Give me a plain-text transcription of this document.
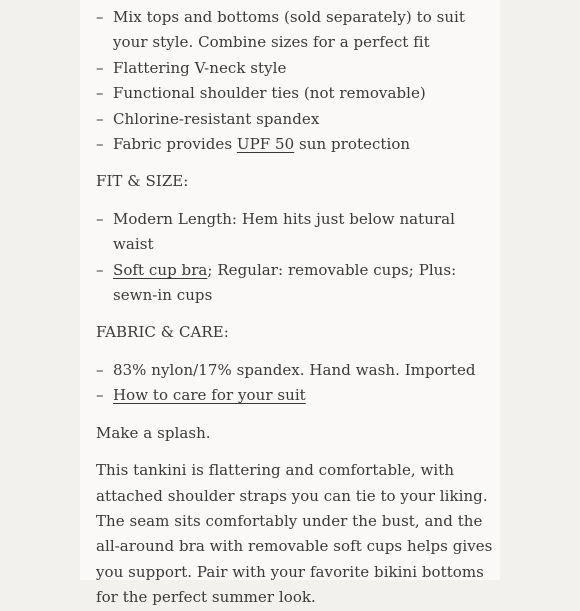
– Mix tops and bottoms (sold separately) to suit your style. Combine sizes for a perfect fit
– Flattering V-neck style
– Functional shoulder ties (not removable)
– Chlorine-resistant spandex
– Fabric provides UPF 50 sun protection

FIT & SIZE:

– Modern Length: Hem hits just below natural waist
– Soft cup bra; Regular: removable cups; Plus: sewn-in cups

FABRIC & CARE:

– 83% nylon/17% spandex. Hand wash. Imported
– How to care for your suit

Make a splash.

This tankini is flattering and comfortable, with attached shoulder straps you can tie to your liking. The seam sits comfortably under the bust, and the all-around bra with removable soft cups helps gives you support. Pair with your favorite bikini bottoms for the perfect summer look.
